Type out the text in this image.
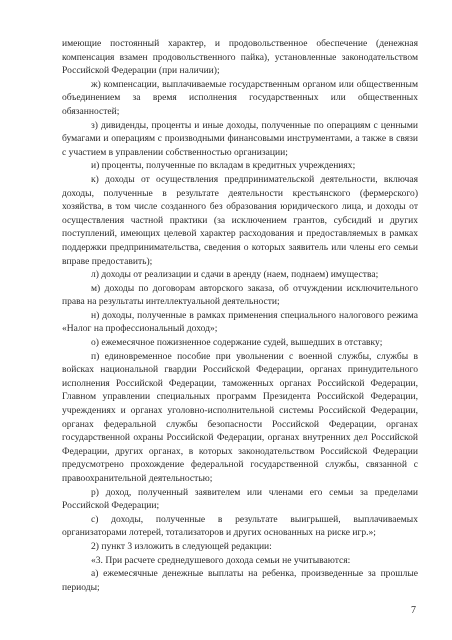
имеющие постоянный характер, и продовольственное обеспечение (денежная компенсация взамен продовольственного пайка), установленные законодательством Российской Федерации (при наличии);

ж) компенсации, выплачиваемые государственным органом или общественным объединением за время исполнения государственных или общественных обязанностей;

з) дивиденды, проценты и иные доходы, полученные по операциям с ценными бумагами и операциям с производными финансовыми инструментами, а также в связи с участием в управлении собственностью организации;

и) проценты, полученные по вкладам в кредитных учреждениях;

к) доходы от осуществления предпринимательской деятельности, включая доходы, полученные в результате деятельности крестьянского (фермерского) хозяйства, в том числе созданного без образования юридического лица, и доходы от осуществления частной практики (за исключением грантов, субсидий и других поступлений, имеющих целевой характер расходования и предоставляемых в рамках поддержки предпринимательства, сведения о которых заявитель или члены его семьи вправе предоставить);

л) доходы от реализации и сдачи в аренду (наем, поднаем) имущества;

м) доходы по договорам авторского заказа, об отчуждении исключительного права на результаты интеллектуальной деятельности;

н) доходы, полученные в рамках применения специального налогового режима «Налог на профессиональный доход»;

о) ежемесячное пожизненное содержание судей, вышедших в отставку;

п) единовременное пособие при увольнении с военной службы, службы в войсках национальной гвардии Российской Федерации, органах принудительного исполнения Российской Федерации, таможенных органах Российской Федерации, Главном управлении специальных программ Президента Российской Федерации, учреждениях и органах уголовно-исполнительной системы Российской Федерации, органах федеральной службы безопасности Российской Федерации, органах государственной охраны Российской Федерации, органах внутренних дел Российской Федерации, других органах, в которых законодательством Российской Федерации предусмотрено прохождение федеральной государственной службы, связанной с правоохранительной деятельностью;

р) доход, полученный заявителем или членами его семьи за пределами Российской Федерации;

с) доходы, полученные в результате выигрышей, выплачиваемых организаторами лотерей, тотализаторов и других основанных на риске игр.»;

2) пункт 3 изложить в следующей редакции:

«3. При расчете среднедушевого дохода семьи не учитываются:

а) ежемесячные денежные выплаты на ребенка, произведенные за прошлые периоды;

7
